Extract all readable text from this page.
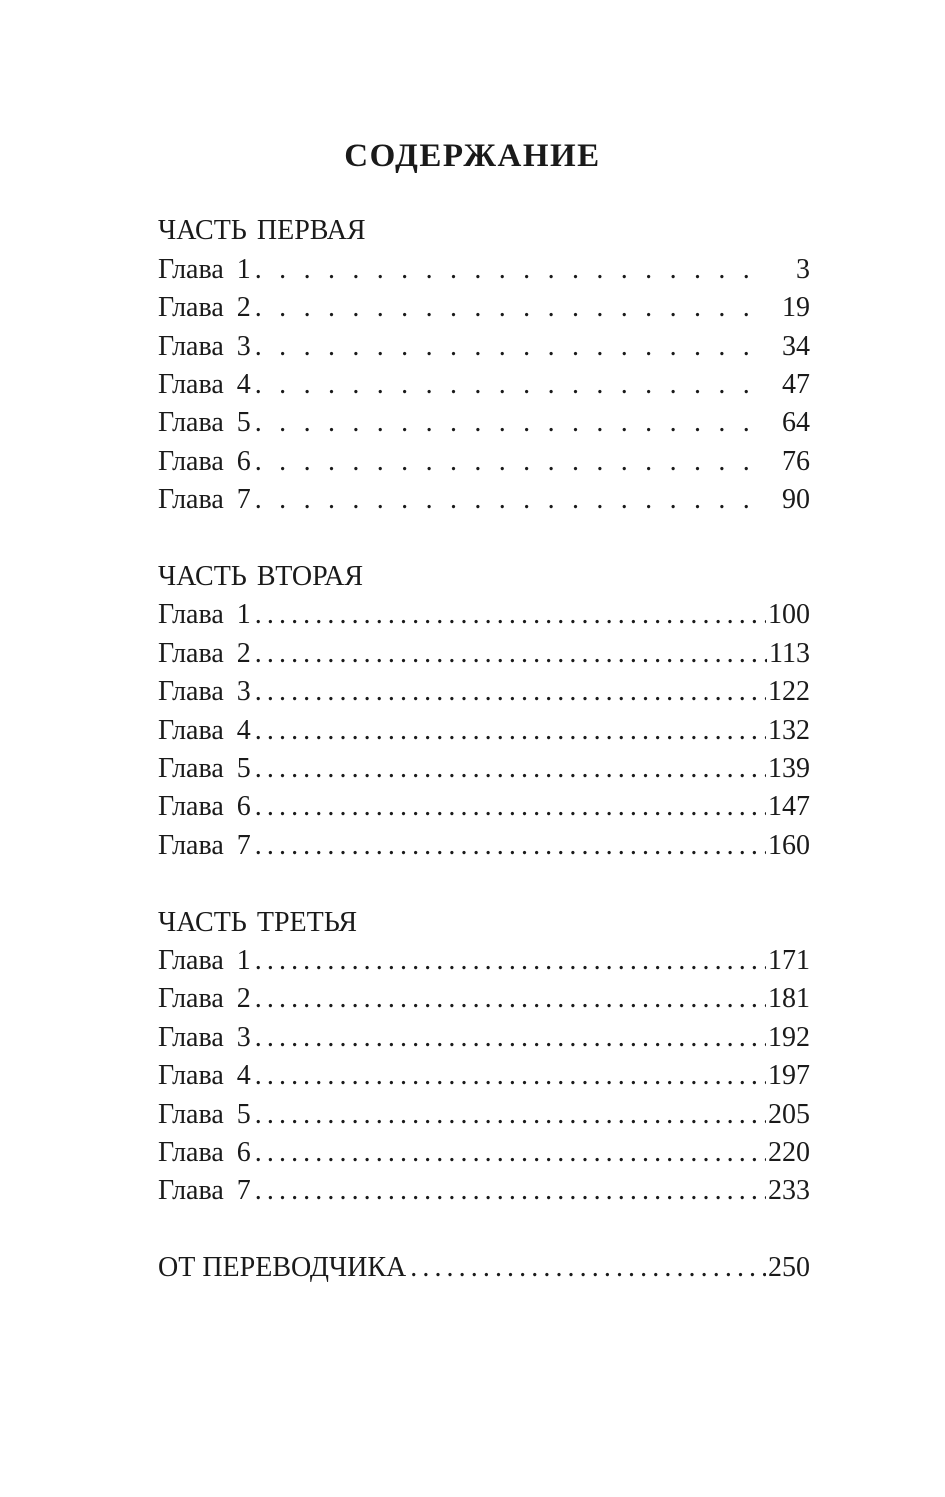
СОДЕРЖАНИЕ
ЧАСТЬ ПЕРВАЯ
Глава 1 . . .	3
Глава 2 . . .	19
Глава 3 . . .	34
Глава 4 . . .	47
Глава 5 . . .	64
Глава 6 . . .	76
Глава 7 . . .	90
ЧАСТЬ ВТОРАЯ
Глава 1 .....	100
Глава 2 .....	113
Глава 3 .....	122
Глава 4 .....	132
Глава 5 .....	139
Глава 6 .....	147
Глава 7 .....	160
ЧАСТЬ ТРЕТЬЯ
Глава 1 .....	171
Глава 2 .....	181
Глава 3 .....	192
Глава 4 .....	197
Глава 5 .....	205
Глава 6 .....	220
Глава 7 .....	233
ОТ ПЕРЕВОДЧИКА .....	250
